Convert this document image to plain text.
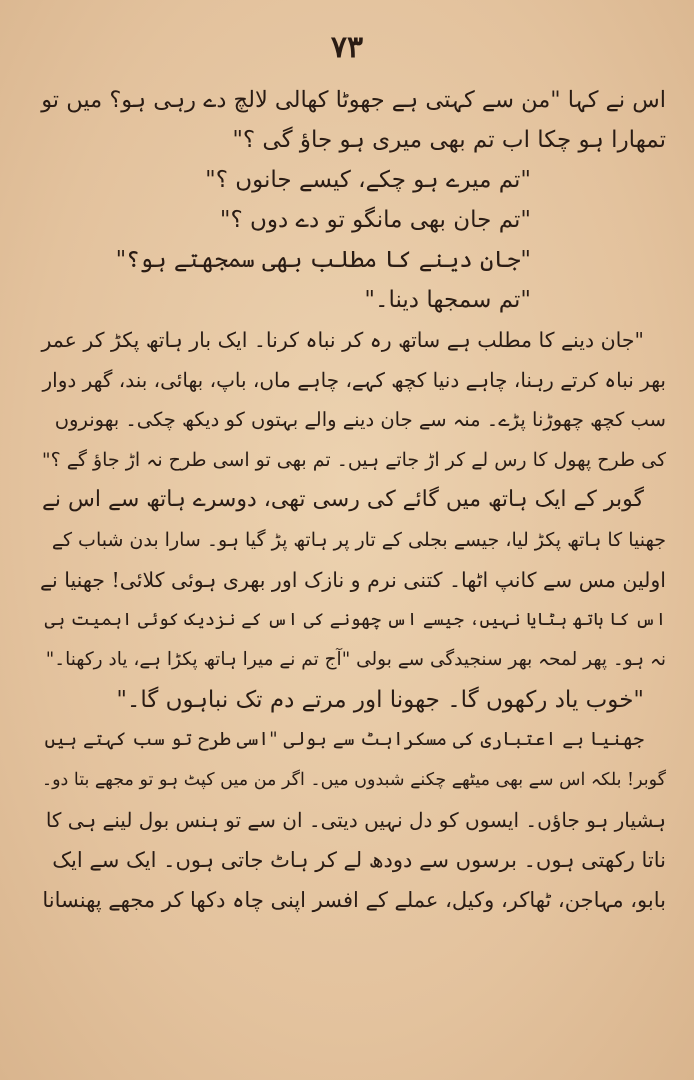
۷۳
اس نے کہا "من سے کہتی ہے جھوٹا کھالی لالچ دے رہی ہو؟ میں تو
تمھارا ہو چکا اب تم بھی میری ہو جاؤ گی ؟"
"تم میرے ہو چکے، کیسے جانوں ؟"
"تم جان بھی مانگو تو دے دوں ؟"
"جان دینے کا مطلب بھی سمجھتے ہو؟"
"تم سمجھا دینا۔"
"جان دینے کا مطلب ہے ساتھ رہ کر نباہ کرنا۔ ایک بار ہاتھ پکڑ کر عمر
بھر نباہ کرتے رہنا، چاہے دنیا کچھ کہے، چاہے ماں، باپ، بھائی، بند، گھر دوار
سب کچھ چھوڑنا پڑے۔ منہ سے جان دینے والے بہتوں کو دیکھ چکی۔ بھونروں
کی طرح پھول کا رس لے کر اڑ جاتے ہیں۔ تم بھی تو اسی طرح نہ اڑ جاؤ گے ؟"
گوبر کے ایک ہاتھ میں گائے کی رسی تھی، دوسرے ہاتھ سے اس نے
جھنیا کا ہاتھ پکڑ لیا، جیسے بجلی کے تار پر ہاتھ پڑ گیا ہو۔ سارا بدن شباب کے
اولین مس سے کانپ اٹھا۔ کتنی نرم و نازک اور بھری ہوئی کلائی! جھنیا نے
اس کا ہاتھ ہٹایا نہیں، جیسے اس چھونے کی اس کے نزدیک کوئی اہمیت ہی
نہ ہو۔ پھر لمحہ بھر سنجیدگی سے بولی "آج تم نے میرا ہاتھ پکڑا ہے، یاد رکھنا۔"
"خوب یاد رکھوں گا۔ جھونا اور مرتے دم تک نباہوں گا۔"
جھنیا بے اعتباری کی مسکراہٹ سے بولی "اسی طرح تو سب کہتے ہیں
گوبر! بلکہ اس سے بھی میٹھے چکنے شبدوں میں۔ اگر من میں کپٹ ہو تو مجھے بتا دو۔
ہشیار ہو جاؤں۔ ایسوں کو دل نہیں دیتی۔ ان سے تو ہنس بول لینے ہی کا
ناتا رکھتی ہوں۔ برسوں سے دودھ لے کر ہاٹ جاتی ہوں۔ ایک سے ایک
بابو، مہاجن، ٹھاکر، وکیل، عملے کے افسر اپنی چاہ دکھا کر مجھے پھنسانا
